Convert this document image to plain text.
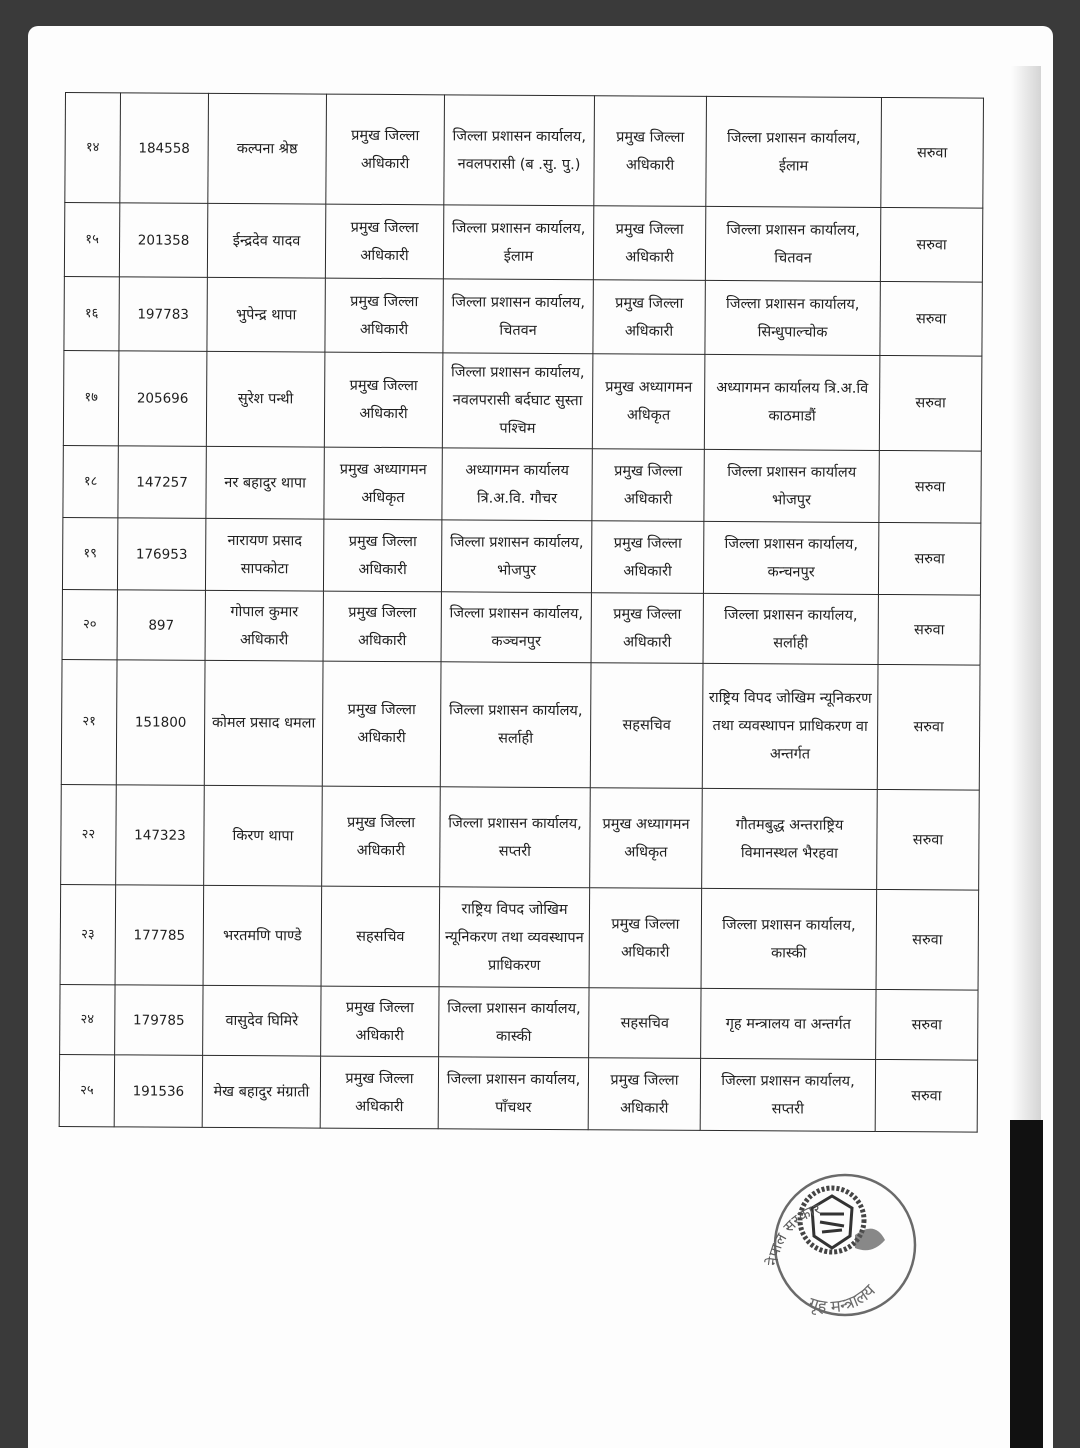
१४	184558	कल्पना श्रेष्ठ	प्रमुख जिल्ला अधिकारी	जिल्ला प्रशासन कार्यालय, नवलपरासी (ब .सु. पु.)	प्रमुख जिल्ला अधिकारी	जिल्ला प्रशासन कार्यालय, ईलाम	सरुवा
१५	201358	ईन्द्रदेव यादव	प्रमुख जिल्ला अधिकारी	जिल्ला प्रशासन कार्यालय, ईलाम	प्रमुख जिल्ला अधिकारी	जिल्ला प्रशासन कार्यालय, चितवन	सरुवा
१६	197783	भुपेन्द्र थापा	प्रमुख जिल्ला अधिकारी	जिल्ला प्रशासन कार्यालय, चितवन	प्रमुख जिल्ला अधिकारी	जिल्ला प्रशासन कार्यालय, सिन्धुपाल्चोक	सरुवा
१७	205696	सुरेश पन्थी	प्रमुख जिल्ला अधिकारी	जिल्ला प्रशासन कार्यालय, नवलपरासी बर्दघाट सुस्ता पश्चिम	प्रमुख अध्यागमन अधिकृत	अध्यागमन कार्यालय त्रि.अ.वि काठमाडौं	सरुवा
१८	147257	नर बहादुर थापा	प्रमुख अध्यागमन अधिकृत	अध्यागमन कार्यालय त्रि.अ.वि. गौचर	प्रमुख जिल्ला अधिकारी	जिल्ला प्रशासन कार्यालय भोजपुर	सरुवा
१९	176953	नारायण प्रसाद सापकोटा	प्रमुख जिल्ला अधिकारी	जिल्ला प्रशासन कार्यालय, भोजपुर	प्रमुख जिल्ला अधिकारी	जिल्ला प्रशासन कार्यालय, कन्चनपुर	सरुवा
२०	897	गोपाल कुमार अधिकारी	प्रमुख जिल्ला अधिकारी	जिल्ला प्रशासन कार्यालय, कञ्चनपुर	प्रमुख जिल्ला अधिकारी	जिल्ला प्रशासन कार्यालय, सर्लाही	सरुवा
२१	151800	कोमल प्रसाद धमला	प्रमुख जिल्ला अधिकारी	जिल्ला प्रशासन कार्यालय, सर्लाही	सहसचिव	राष्ट्रिय विपद जोखिम न्यूनिकरण तथा व्यवस्थापन प्राधिकरण वा अन्तर्गत	सरुवा
२२	147323	किरण थापा	प्रमुख जिल्ला अधिकारी	जिल्ला प्रशासन कार्यालय, सप्तरी	प्रमुख अध्यागमन अधिकृत	गौतमबुद्ध अन्तराष्ट्रिय विमानस्थल भैरहवा	सरुवा
२३	177785	भरतमणि पाण्डे	सहसचिव	राष्ट्रिय विपद जोखिम न्यूनिकरण तथा व्यवस्थापन प्राधिकरण	प्रमुख जिल्ला अधिकारी	जिल्ला प्रशासन कार्यालय, कास्की	सरुवा
२४	179785	वासुदेव घिमिरे	प्रमुख जिल्ला अधिकारी	जिल्ला प्रशासन कार्यालय, कास्की	सहसचिव	गृह मन्त्रालय वा अन्तर्गत	सरुवा
२५	191536	मेख बहादुर मंग्राती	प्रमुख जिल्ला अधिकारी	जिल्ला प्रशासन कार्यालय, पाँचथर	प्रमुख जिल्ला अधिकारी	जिल्ला प्रशासन कार्यालय, सप्तरी	सरुवा
नेपाल सरकार
गृह मन्त्रालय
